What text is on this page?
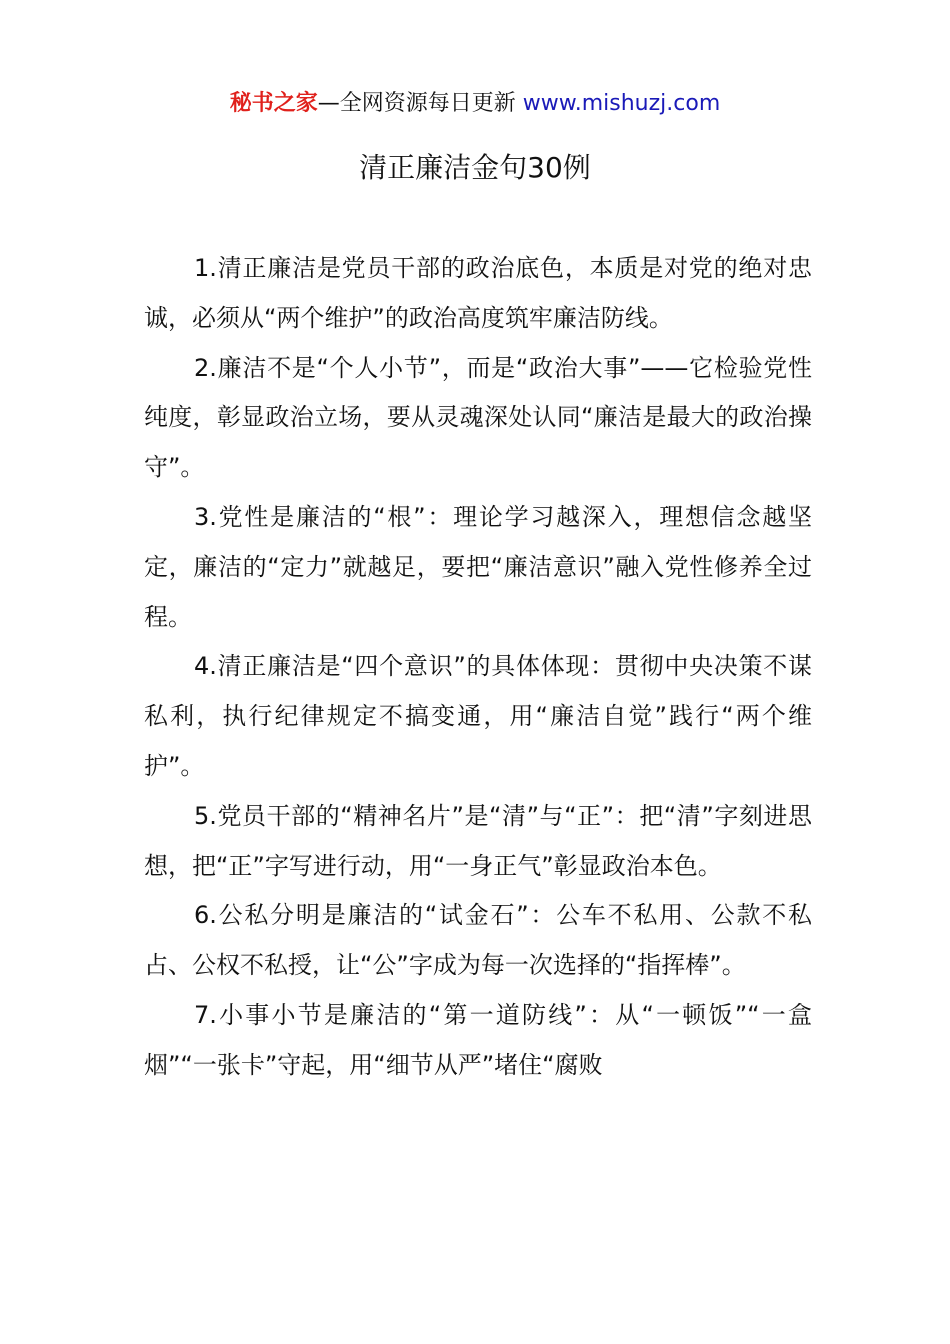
秘书之家—全网资源每日更新 www.mishuzj.com
清正廉洁金句30例

1.清正廉洁是党员干部的政治底色，本质是对党的绝对忠诚，必须从“两个维护”的政治高度筑牢廉洁防线。

2.廉洁不是“个人小节”，而是“政治大事”——它检验党性纯度，彰显政治立场，要从灵魂深处认同“廉洁是最大的政治操守”。

3.党性是廉洁的“根”：理论学习越深入，理想信念越坚定，廉洁的“定力”就越足，要把“廉洁意识”融入党性修养全过程。

4.清正廉洁是“四个意识”的具体体现：贯彻中央决策不谋私利，执行纪律规定不搞变通，用“廉洁自觉”践行“两个维护”。

5.党员干部的“精神名片”是“清”与“正”：把“清”字刻进思想，把“正”字写进行动，用“一身正气”彰显政治本色。

6.公私分明是廉洁的“试金石”：公车不私用、公款不私占、公权不私授，让“公”字成为每一次选择的“指挥棒”。

7.小事小节是廉洁的“第一道防线”：从“一顿饭”“一盒烟”“一张卡”守起，用“细节从严”堵住“腐败
